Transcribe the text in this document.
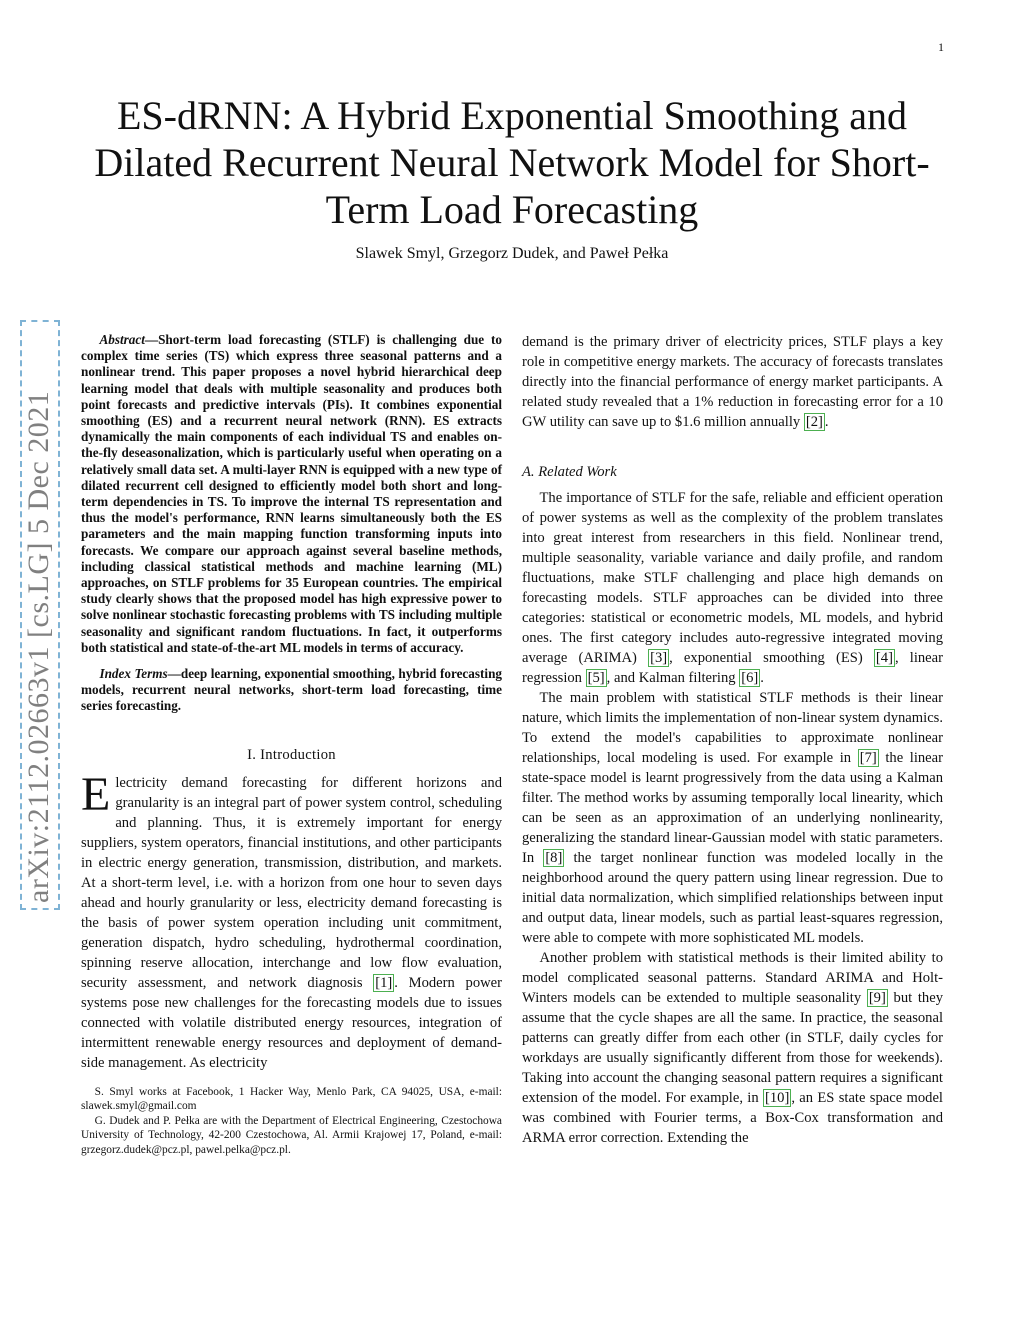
1
ES-dRNN: A Hybrid Exponential Smoothing and Dilated Recurrent Neural Network Model for Short-Term Load Forecasting
Slawek Smyl, Grzegorz Dudek, and Paweł Pełka
arXiv:2112.02663v1 [cs.LG] 5 Dec 2021

Abstract—Short-term load forecasting (STLF) is challenging due to complex time series (TS) which express three seasonal patterns and a nonlinear trend. This paper proposes a novel hybrid hierarchical deep learning model that deals with multiple seasonality and produces both point forecasts and predictive intervals (PIs). It combines exponential smoothing (ES) and a recurrent neural network (RNN). ES extracts dynamically the main components of each individual TS and enables on-the-fly deseasonalization, which is particularly useful when operating on a relatively small data set. A multi-layer RNN is equipped with a new type of dilated recurrent cell designed to efficiently model both short and long-term dependencies in TS. To improve the internal TS representation and thus the model's performance, RNN learns simultaneously both the ES parameters and the main mapping function transforming inputs into forecasts. We compare our approach against several baseline methods, including classical statistical methods and machine learning (ML) approaches, on STLF problems for 35 European countries. The empirical study clearly shows that the proposed model has high expressive power to solve nonlinear stochastic forecasting problems with TS including multiple seasonality and significant random fluctuations. In fact, it outperforms both statistical and state-of-the-art ML models in terms of accuracy.

Index Terms—deep learning, exponential smoothing, hybrid forecasting models, recurrent neural networks, short-term load forecasting, time series forecasting.

I. Introduction

Electricity demand forecasting for different horizons and granularity is an integral part of power system control, scheduling and planning. Thus, it is extremely important for energy suppliers, system operators, financial institutions, and other participants in electric energy generation, transmission, distribution, and markets. At a short-term level, i.e. with a horizon from one hour to seven days ahead and hourly granularity or less, electricity demand forecasting is the basis of power system operation including unit commitment, generation dispatch, hydro scheduling, hydrothermal coordination, spinning reserve allocation, interchange and low flow evaluation, security assessment, and network diagnosis [1] . Modern power systems pose new challenges for the forecasting models due to issues connected with volatile distributed energy resources, integration of intermittent renewable energy resources and deployment of demand-side management. As electricity

S. Smyl works at Facebook, 1 Hacker Way, Menlo Park, CA 94025, USA, e-mail: slawek.smyl@gmail.com

G. Dudek and P. Pełka are with the Department of Electrical Engineering, Czestochowa University of Technology, 42-200 Czestochowa, Al. Armii Krajowej 17, Poland, e-mail: grzegorz.dudek@pcz.pl, pawel.pelka@pcz.pl.

demand is the primary driver of electricity prices, STLF plays a key role in competitive energy markets. The accuracy of forecasts translates directly into the financial performance of energy market participants. A related study revealed that a 1% reduction in forecasting error for a 10 GW utility can save up to $1.6 million annually [2] .

A. Related Work

The importance of STLF for the safe, reliable and efficient operation of power systems as well as the complexity of the problem translates into great interest from researchers in this field. Nonlinear trend, multiple seasonality, variable variance and daily profile, and random fluctuations, make STLF challenging and place high demands on forecasting models. STLF approaches can be divided into three categories: statistical or econometric models, ML models, and hybrid ones. The first category includes auto-regressive integrated moving average (ARIMA) [3] , exponential smoothing (ES) [4] , linear regression [5] , and Kalman filtering [6] .

The main problem with statistical STLF methods is their linear nature, which limits the implementation of non-linear system dynamics. To extend the model's capabilities to approximate nonlinear relationships, local modeling is used. For example in [7] the linear state-space model is learnt progressively from the data using a Kalman filter. The method works by assuming temporally local linearity, which can be seen as an approximation of an underlying nonlinearity, generalizing the standard linear-Gaussian model with static parameters. In [8] the target nonlinear function was modeled locally in the neighborhood around the query pattern using linear regression. Due to initial data normalization, which simplified relationships between input and output data, linear models, such as partial least-squares regression, were able to compete with more sophisticated ML models.

Another problem with statistical methods is their limited ability to model complicated seasonal patterns. Standard ARIMA and Holt-Winters models can be extended to multiple seasonality [9] but they assume that the cycle shapes are all the same. In practice, the seasonal patterns can greatly differ from each other (in STLF, daily cycles for workdays are usually significantly different from those for weekends). Taking into account the changing seasonal pattern requires a significant extension of the model. For example, in [10] , an ES state space model was combined with Fourier terms, a Box-Cox transformation and ARMA error correction. Extending the
